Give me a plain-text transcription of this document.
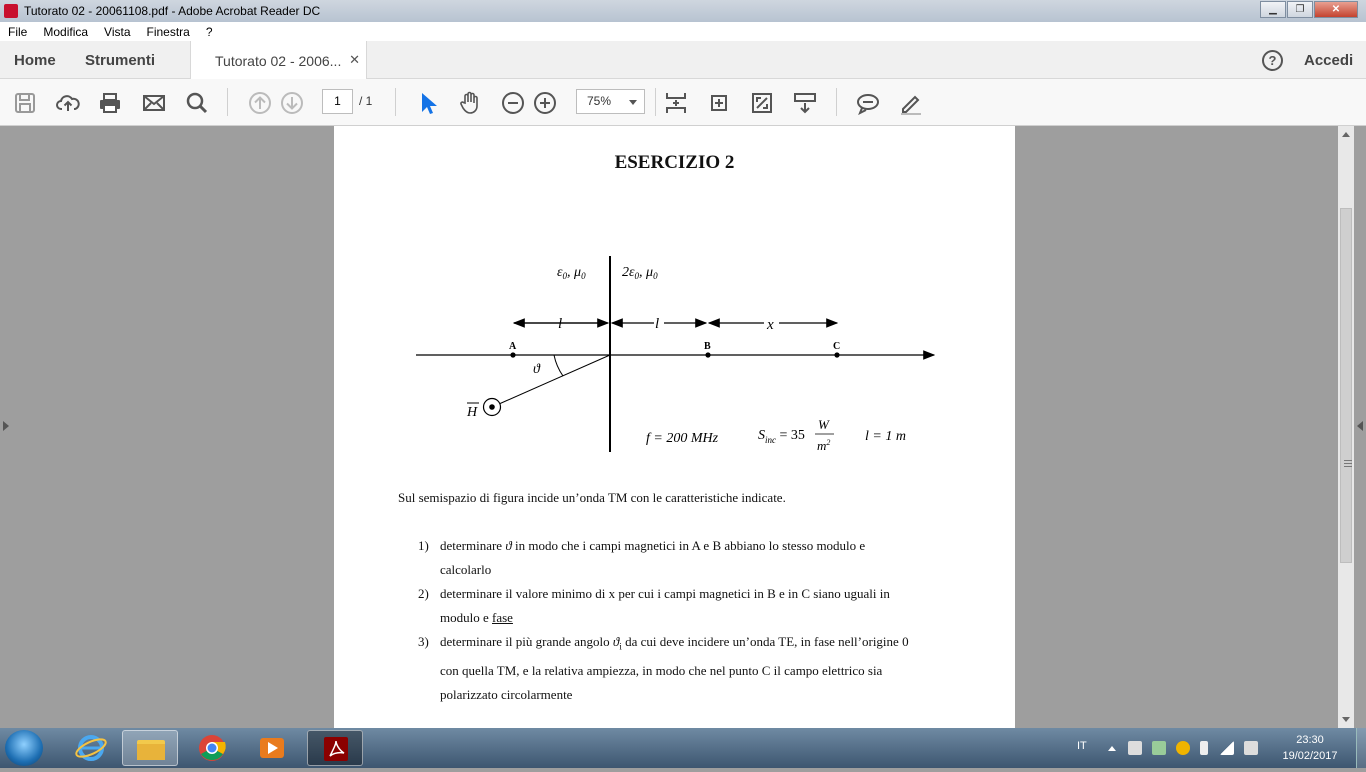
Tutorato 02 - 20061108.pdf - Adobe Acrobat Reader DC	▁	❐	✕
File	Modifica	Vista	Finestra	?
Home Strumenti	Tutorato 02 - 2006... ✕	?	Accedi
1	/ 1	75%
ESERCIZIO 2
H
$\varepsilon_0$, $\mu_0$	$2\varepsilon_0$, $\mu_0$
l	l	x
A	B	C
ϑ
f = 200 MHz	$S_{inc} = 35$
W
$m^2$ l = 1 m
Sul semispazio di figura incide un’onda TM con le caratteristiche indicate.
1) determinare ϑ in modo che i campi magnetici in A e B abbiano lo stesso modulo e
calcolarlo
2) determinare il valore minimo di x per cui i campi magnetici in B e in C siano uguali in
modulo e fase
3) determinare il più grande angolo $ϑ_i$ da cui deve incidere un’onda TE, in fase nell’origine 0
con quella TM, e la relativa ampiezza, in modo che nel punto C il campo elettrico sia
polarizzato circolarmente
IT	23:30
19/02/2017
